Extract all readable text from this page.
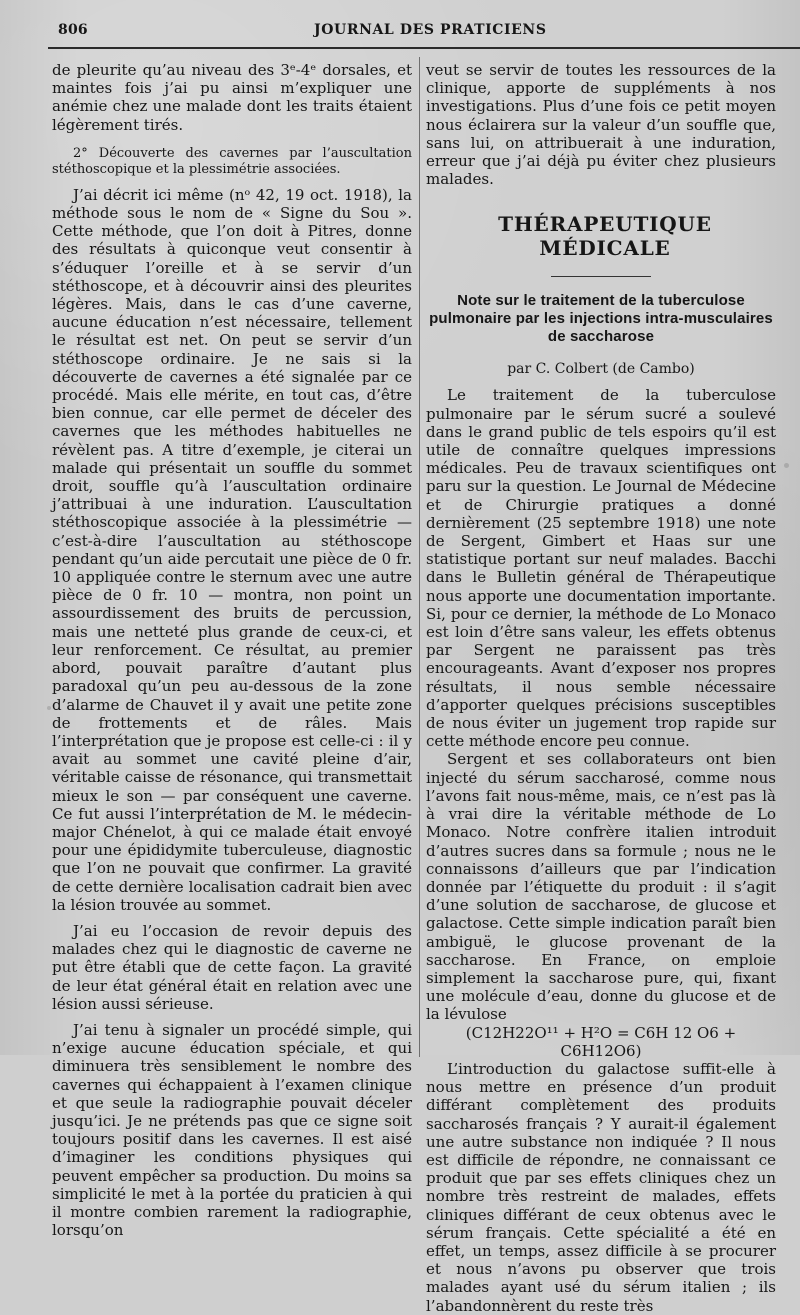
806	JOURNAL DES PRATICIENS

de pleurite qu’au niveau des 3ᵉ-4ᵉ dorsales, et maintes fois j’ai pu ainsi m’expliquer une anémie chez une malade dont les traits étaient légèrement tirés.

2° Découverte des cavernes par l’auscultation stéthoscopique et la plessimétrie associées.

J’ai décrit ici même (nᵒ 42, 19 oct. 1918), la méthode sous le nom de « Signe du Sou ». Cette méthode, que l’on doit à Pitres, donne des résultats à quiconque veut consentir à s’éduquer l’oreille et à se servir d’un stéthoscope, et à découvrir ainsi des pleurites légères. Mais, dans le cas d’une caverne, aucune éducation n’est nécessaire, tellement le résultat est net. On peut se servir d’un stéthoscope ordinaire. Je ne sais si la découverte de cavernes a été signalée par ce procédé. Mais elle mérite, en tout cas, d’être bien connue, car elle permet de déceler des cavernes que les méthodes habituelles ne révèlent pas. A titre d’exemple, je citerai un malade qui présentait un souffle du sommet droit, souffle qu’à l’auscultation ordinaire j’attribuai à une induration. L’auscultation stéthoscopique associée à la plessimétrie — c’est-à-dire l’auscultation au stéthoscope pendant qu’un aide percutait une pièce de 0 fr. 10 appliquée contre le sternum avec une autre pièce de 0 fr. 10 — montra, non point un assourdissement des bruits de percussion, mais une netteté plus grande de ceux-ci, et leur renforcement. Ce résultat, au premier abord, pouvait paraître d’autant plus paradoxal qu’un peu au-dessous de la zone d’alarme de Chauvet il y avait une petite zone de frottements et de râles. Mais l’interprétation que je propose est celle-ci : il y avait au sommet une cavité pleine d’air, véritable caisse de résonance, qui transmettait mieux le son — par conséquent une caverne. Ce fut aussi l’interprétation de M. le médecin-major Chénelot, à qui ce malade était envoyé pour une épididymite tuberculeuse, diagnostic que l’on ne pouvait que confirmer. La gravité de cette dernière localisation cadrait bien avec la lésion trouvée au sommet.

J’ai eu l’occasion de revoir depuis des malades chez qui le diagnostic de caverne ne put être établi que de cette façon. La gravité de leur état général était en relation avec une lésion aussi sérieuse.

J’ai tenu à signaler un procédé simple, qui n’exige aucune éducation spéciale, et qui diminuera très sensiblement le nombre des cavernes qui échappaient à l’examen clinique et que seule la radiographie pouvait déceler jusqu’ici. Je ne prétends pas que ce signe soit toujours positif dans les cavernes. Il est aisé d’imaginer les conditions physiques qui peuvent empêcher sa production. Du moins sa simplicité le met à la portée du praticien à qui il montre combien rarement la radiographie, lorsqu’on

veut se servir de toutes les ressources de la clinique, apporte de suppléments à nos investigations. Plus d’une fois ce petit moyen nous éclairera sur la valeur d’un souffle que, sans lui, on attribuerait à une induration, erreur que j’ai déjà pu éviter chez plusieurs malades.

THÉRAPEUTIQUE MÉDICALE
Note sur le traitement de la tuberculose pulmonaire par les injections intra-musculaires de saccharose
par C. Colbert (de Cambo)

Le traitement de la tuberculose pulmonaire par le sérum sucré a soulevé dans le grand public de tels espoirs qu’il est utile de connaître quelques impressions médicales. Peu de travaux scientifiques ont paru sur la question. Le Journal de Médecine et de Chirurgie pratiques a donné dernièrement (25 septembre 1918) une note de Sergent, Gimbert et Haas sur une statistique portant sur neuf malades. Bacchi dans le Bulletin général de Thérapeutique nous apporte une documentation importante. Si, pour ce dernier, la méthode de Lo Monaco est loin d’être sans valeur, les effets obtenus par Sergent ne paraissent pas très encourageants. Avant d’exposer nos propres résultats, il nous semble nécessaire d’apporter quelques précisions susceptibles de nous éviter un jugement trop rapide sur cette méthode encore peu connue.

Sergent et ses collaborateurs ont bien injecté du sérum saccharosé, comme nous l’avons fait nous-même, mais, ce n’est pas là à vrai dire la véritable méthode de Lo Monaco. Notre confrère italien introduit d’autres sucres dans sa formule ; nous ne le connaissons d’ailleurs que par l’indication donnée par l’étiquette du produit : il s’agit d’une solution de saccharose, de glucose et galactose. Cette simple indication paraît bien ambiguë, le glucose provenant de la saccharose. En France, on emploie simplement la saccharose pure, qui, fixant une molécule d’eau, donne du glucose et de la lévulose

(C12H22O¹¹ + H²O = C6H 12 O6 + C6H12O6)

L’introduction du galactose suffit-elle à nous mettre en présence d’un produit différant complètement des produits saccharosés français ? Y aurait-il également une autre substance non indiquée ? Il nous est difficile de répondre, ne connaissant ce produit que par ses effets cliniques chez un nombre très restreint de malades, effets cliniques différant de ceux obtenus avec le sérum français. Cette spécialité a été en effet, un temps, assez difficile à se procurer et nous n’avons pu observer que trois malades ayant usé du sérum italien ; ils l’abandonnèrent du reste très
